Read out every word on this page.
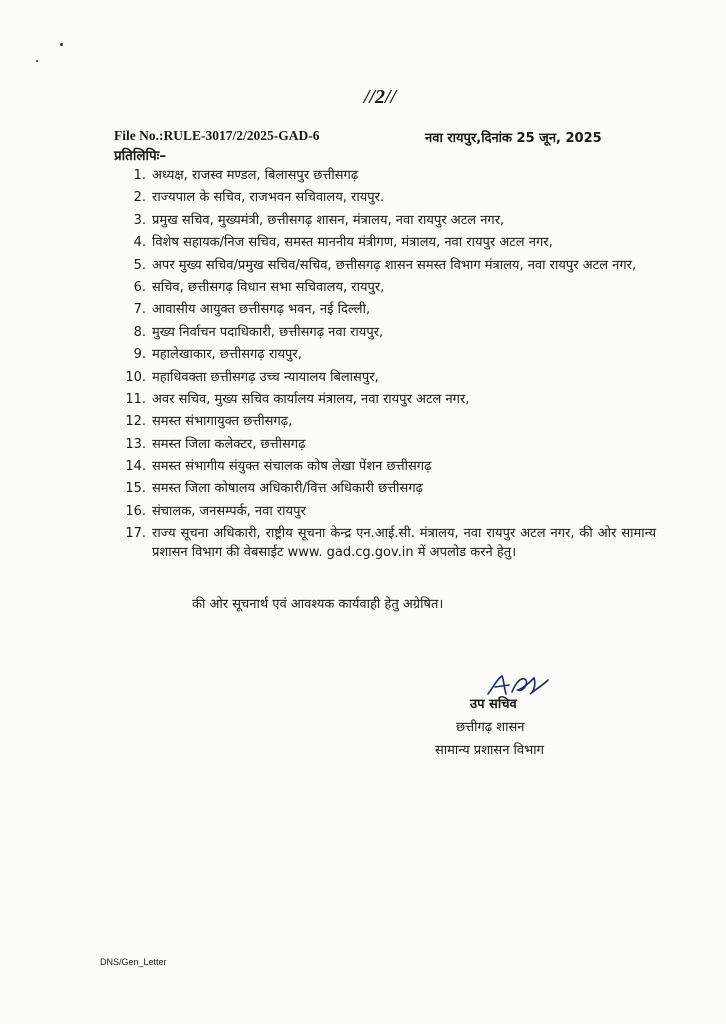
//2//
File No.:RULE-3017/2/2025-GAD-6	नवा रायपुर,दिनांक 25 जून, 2025
प्रतिलिपिः–
1. अध्यक्ष, राजस्व मण्डल, बिलासपुर छत्तीसगढ़
2. राज्यपाल के सचिव, राजभवन सचिवालय, रायपुर.
3. प्रमुख सचिव, मुख्यमंत्री, छत्तीसगढ़ शासन, मंत्रालय, नवा रायपुर अटल नगर,
4. विशेष सहायक/निज सचिव, समस्त माननीय मंत्रीगण, मंत्रालय, नवा रायपुर अटल नगर,
5. अपर मुख्य सचिव/प्रमुख सचिव/सचिव, छत्तीसगढ़ शासन समस्त विभाग मंत्रालय, नवा रायपुर अटल नगर,
6. सचिव, छत्तीसगढ़ विधान सभा सचिवालय, रायपुर,
7. आवासीय आयुक्त छत्तीसगढ़ भवन, नई दिल्ली,
8. मुख्य निर्वाचन पदाधिकारी, छत्तीसगढ़ नवा रायपुर,
9. महालेखाकार, छत्तीसगढ़ रायपुर,
10. महाधिवक्ता छत्तीसगढ़ उच्च न्यायालय बिलासपुर,
11. अवर सचिव, मुख्य सचिव कार्यालय मंत्रालय, नवा रायपुर अटल नगर,
12. समस्त संभागायुक्त छत्तीसगढ़,
13. समस्त जिला कलेक्टर, छत्तीसगढ़
14. समस्त संभागीय संयुक्त संचालक कोष लेखा पेंशन छत्तीसगढ़
15. समस्त जिला कोषालय अधिकारी/वित्त अधिकारी छत्तीसगढ़
16. संचालक, जनसम्पर्क, नवा रायपुर
17. राज्य सूचना अधिकारी, राष्ट्रीय सूचना केन्द्र एन.आई.सी. मंत्रालय, नवा रायपुर अटल नगर, की ओर सामान्य प्रशासन विभाग की वेबसाईट www. gad.cg.gov.in में अपलोड करने हेतु।
की ओर सूचनार्थ एवं आवश्यक कार्यवाही हेतु अग्रेषित।
उप सचिव
छत्तीगढ़ शासन
सामान्य प्रशासन विभाग
DNS/Gen_Letter
